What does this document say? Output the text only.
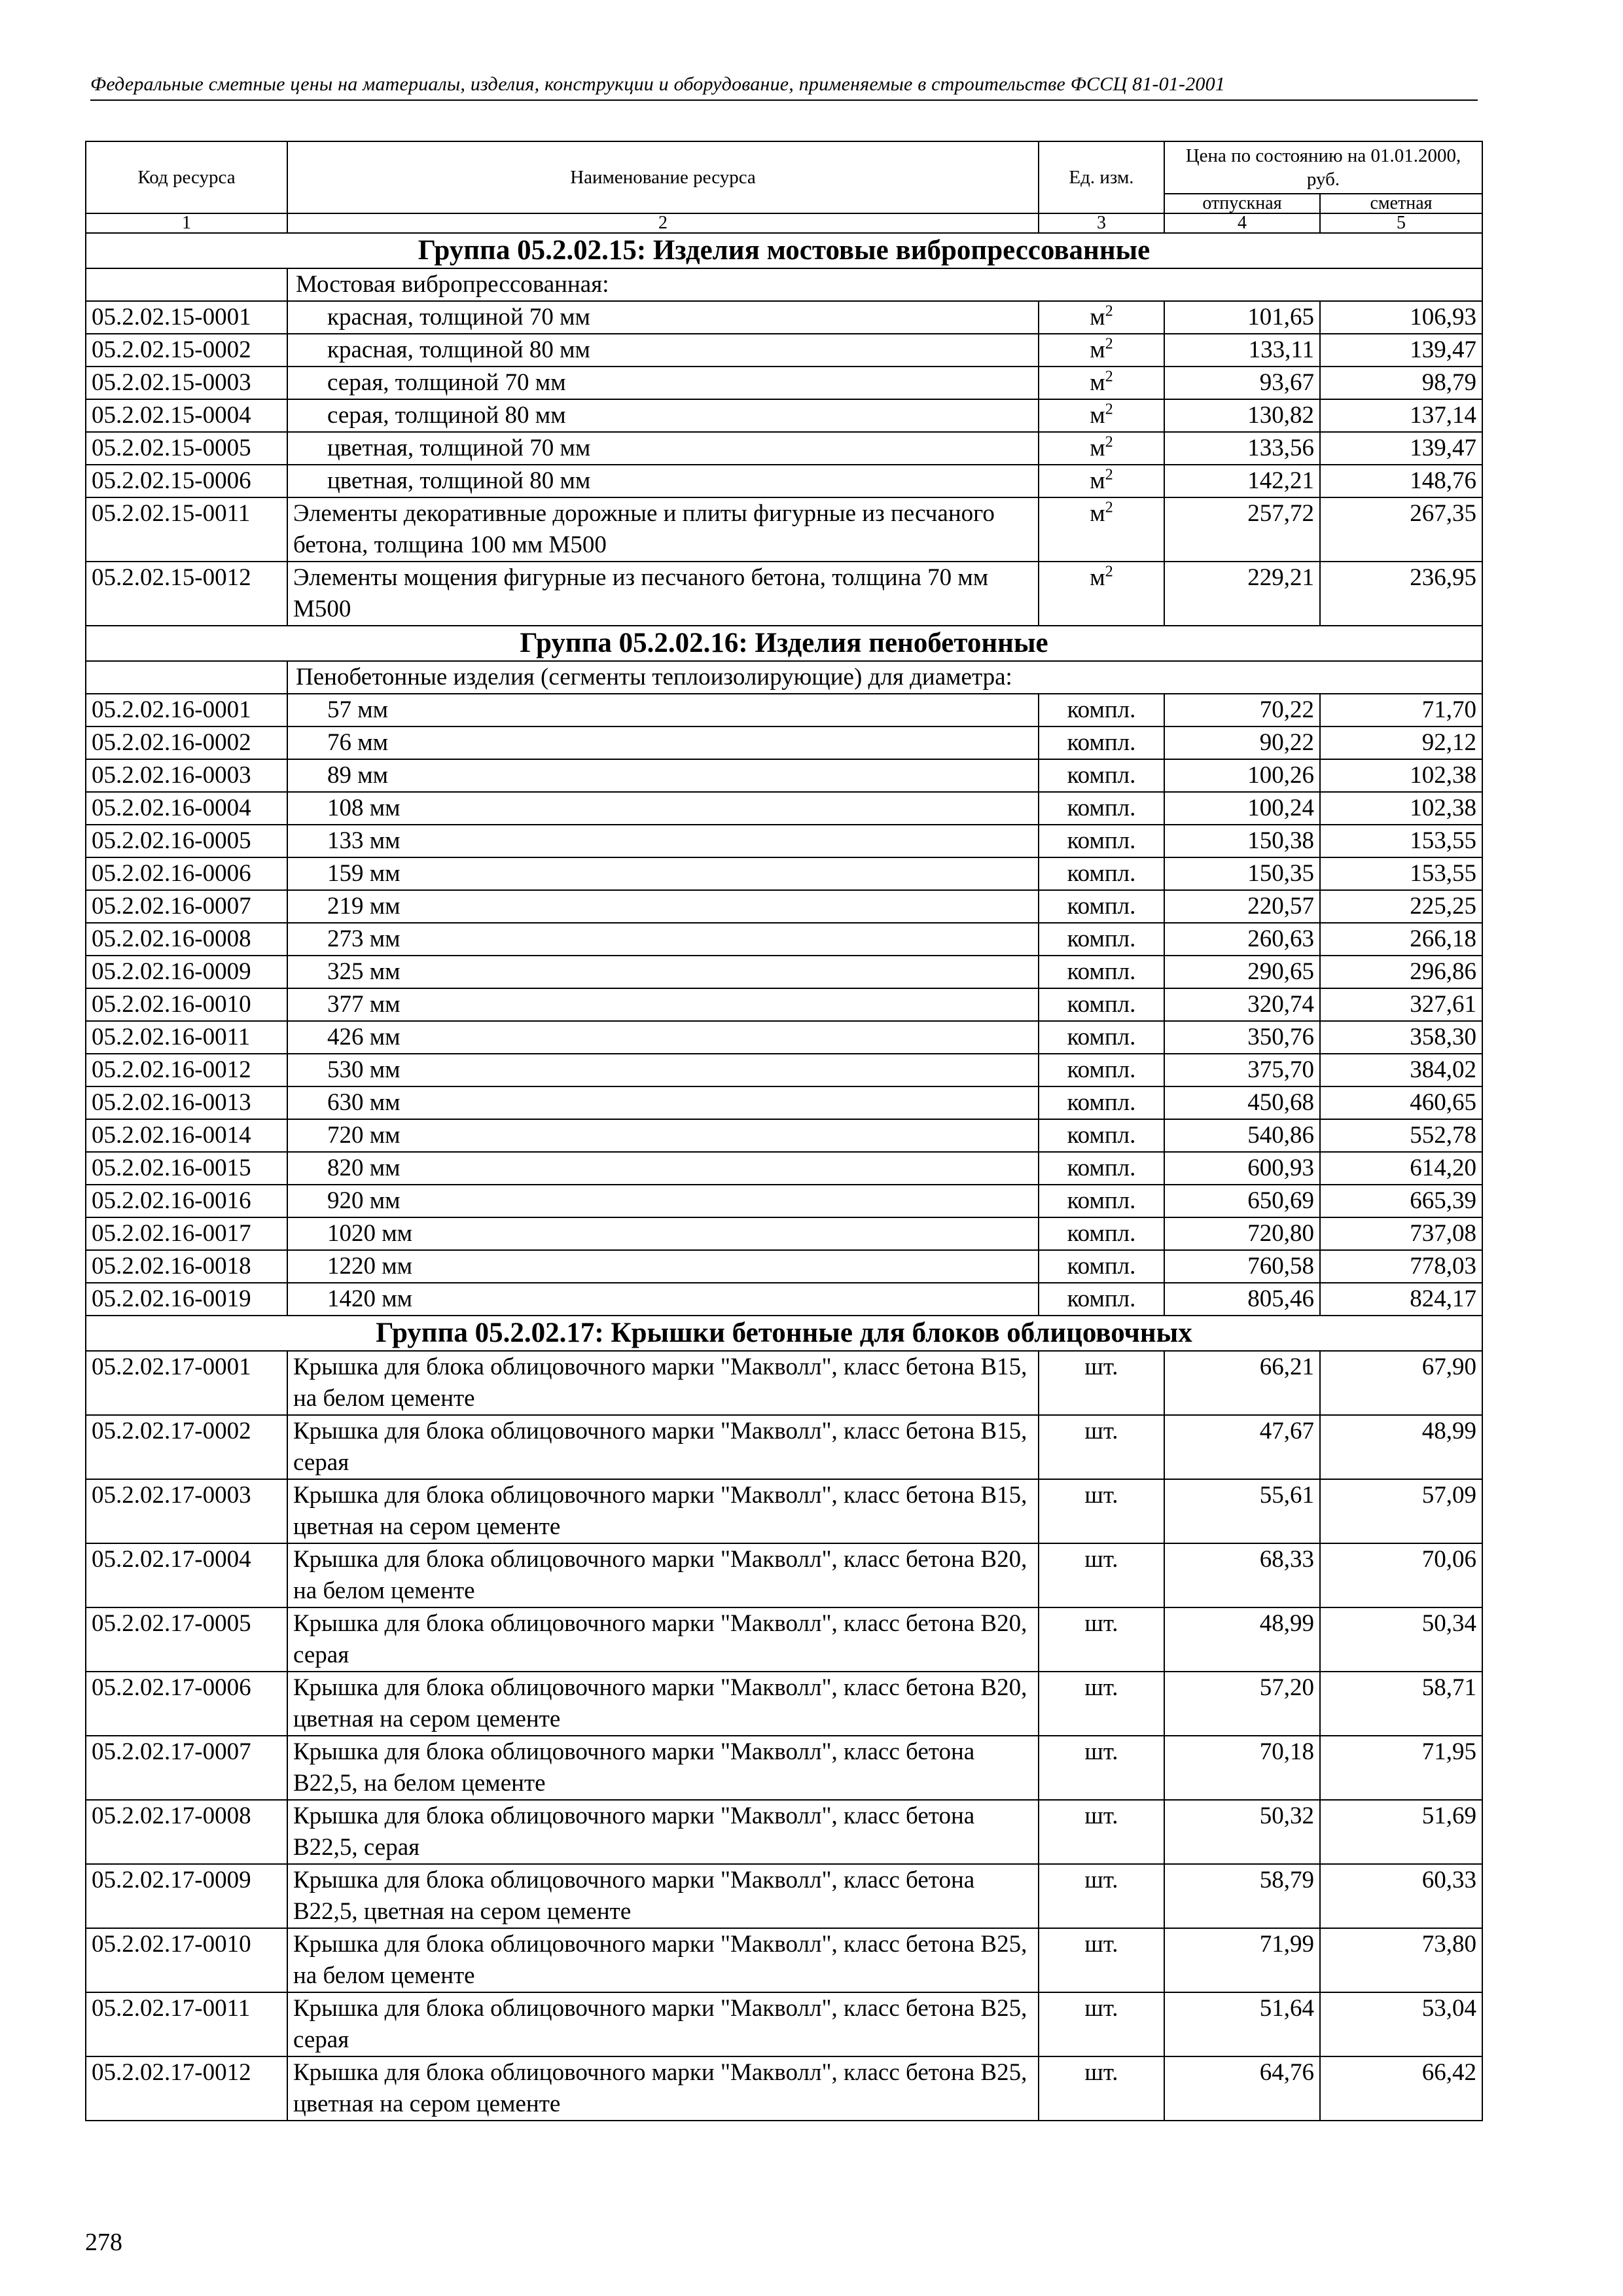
Федеральные сметные цены на материалы, изделия, конструкции и оборудование, применяемые в строительстве ФССЦ 81-01-2001
Код ресурса	Наименование ресурса	Ед. изм.	Цена по состоянию на 01.01.2000, руб.	
			отпускная	сметная
1	2	3	4	5
Группа 05.2.02.15: Изделия мостовые вибропрессованные				
	Мостовая вибропрессованная:			
05.2.02.15-0001	красная, толщиной 70 мм	$м^2$	101,65	106,93
05.2.02.15-0002	красная, толщиной 80 мм	$м^2$	133,11	139,47
05.2.02.15-0003	серая, толщиной 70 мм	$м^2$	93,67	98,79
05.2.02.15-0004	серая, толщиной 80 мм	$м^2$	130,82	137,14
05.2.02.15-0005	цветная, толщиной 70 мм	$м^2$	133,56	139,47
05.2.02.15-0006	цветная, толщиной 80 мм	$м^2$	142,21	148,76
05.2.02.15-0011	Элементы декоративные дорожные и плиты фигурные из песчаного бетона, толщина 100 мм М500	$м^2$	257,72	267,35
05.2.02.15-0012	Элементы мощения фигурные из песчаного бетона, толщина 70 мм М500	$м^2$	229,21	236,95
Группа 05.2.02.16: Изделия пенобетонные				
	Пенобетонные изделия (сегменты теплоизолирующие) для диаметра:			
05.2.02.16-0001	57 мм	компл.	70,22	71,70
05.2.02.16-0002	76 мм	компл.	90,22	92,12
05.2.02.16-0003	89 мм	компл.	100,26	102,38
05.2.02.16-0004	108 мм	компл.	100,24	102,38
05.2.02.16-0005	133 мм	компл.	150,38	153,55
05.2.02.16-0006	159 мм	компл.	150,35	153,55
05.2.02.16-0007	219 мм	компл.	220,57	225,25
05.2.02.16-0008	273 мм	компл.	260,63	266,18
05.2.02.16-0009	325 мм	компл.	290,65	296,86
05.2.02.16-0010	377 мм	компл.	320,74	327,61
05.2.02.16-0011	426 мм	компл.	350,76	358,30
05.2.02.16-0012	530 мм	компл.	375,70	384,02
05.2.02.16-0013	630 мм	компл.	450,68	460,65
05.2.02.16-0014	720 мм	компл.	540,86	552,78
05.2.02.16-0015	820 мм	компл.	600,93	614,20
05.2.02.16-0016	920 мм	компл.	650,69	665,39
05.2.02.16-0017	1020 мм	компл.	720,80	737,08
05.2.02.16-0018	1220 мм	компл.	760,58	778,03
05.2.02.16-0019	1420 мм	компл.	805,46	824,17
Группа 05.2.02.17: Крышки бетонные для блоков облицовочных				
05.2.02.17-0001	Крышка для блока облицовочного марки "Макволл", класс бетона В15, на белом цементе	шт.	66,21	67,90
05.2.02.17-0002	Крышка для блока облицовочного марки "Макволл", класс бетона В15, серая	шт.	47,67	48,99
05.2.02.17-0003	Крышка для блока облицовочного марки "Макволл", класс бетона В15, цветная на сером цементе	шт.	55,61	57,09
05.2.02.17-0004	Крышка для блока облицовочного марки "Макволл", класс бетона В20, на белом цементе	шт.	68,33	70,06
05.2.02.17-0005	Крышка для блока облицовочного марки "Макволл", класс бетона В20, серая	шт.	48,99	50,34
05.2.02.17-0006	Крышка для блока облицовочного марки "Макволл", класс бетона В20, цветная на сером цементе	шт.	57,20	58,71
05.2.02.17-0007	Крышка для блока облицовочного марки "Макволл", класс бетона В22,5, на белом цементе	шт.	70,18	71,95
05.2.02.17-0008	Крышка для блока облицовочного марки "Макволл", класс бетона В22,5, серая	шт.	50,32	51,69
05.2.02.17-0009	Крышка для блока облицовочного марки "Макволл", класс бетона В22,5, цветная на сером цементе	шт.	58,79	60,33
05.2.02.17-0010	Крышка для блока облицовочного марки "Макволл", класс бетона В25, на белом цементе	шт.	71,99	73,80
05.2.02.17-0011	Крышка для блока облицовочного марки "Макволл", класс бетона В25, серая	шт.	51,64	53,04
05.2.02.17-0012	Крышка для блока облицовочного марки "Макволл", класс бетона В25, цветная на сером цементе	шт.	64,76	66,42
278
